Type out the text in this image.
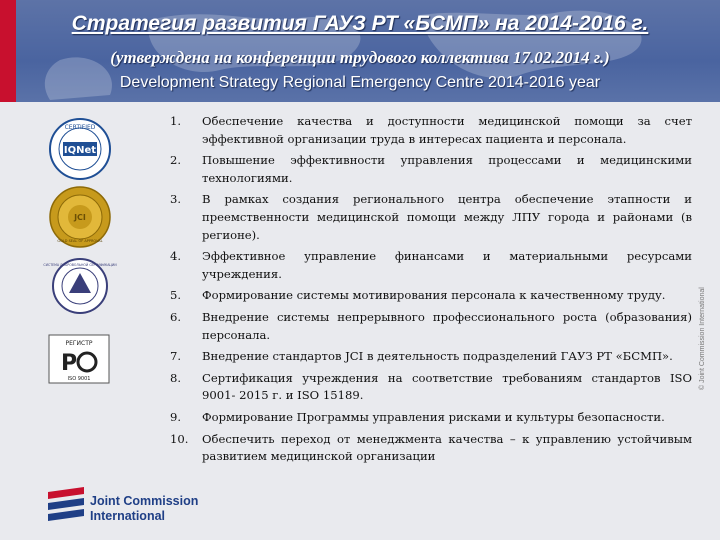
Стратегия развития ГАУЗ РТ «БСМП» на 2014-2016 г.
(утверждена на конференции трудового коллектива 17.02.2014 г.)
Development Strategy Regional Emergency Centre 2014-2016 year
CERTIFIED
IQNet
JCI
GOLD SEAL OF APPROVAL
СИСТЕМА ДОБРОВОЛЬНОЙ СЕРТИФИКАЦИИ
РЕГИСТР
P
ISO 9001
1. Обеспечение качества и доступности медицинской помощи за счет эффективной организации труда в интересах пациента и персонала.
2. Повышение эффективности управления процессами и медицинскими технологиями.
3. В рамках создания регионального центра обеспечение этапности и преемственности медицинской помощи между ЛПУ города и районами (в регионе).
4. Эффективное управление финансами и материальными ресурсами учреждения.
5. Формирование системы мотивирования персонала к качественному труду.
6. Внедрение системы непрерывного профессионального роста (образования) персонала.
7. Внедрение стандартов JCI в деятельность подразделений ГАУЗ РТ «БСМП».
8. Сертификация учреждения на соответствие требованиям стандартов ISO 9001- 2015 г. и ISO 15189.
9. Формирование Программы управления рисками и культуры безопасности.
10. Обеспечить переход от менеджмента качества – к управлению устойчивым развитием медицинской организации
Joint Commission
International
© Joint Commission International
